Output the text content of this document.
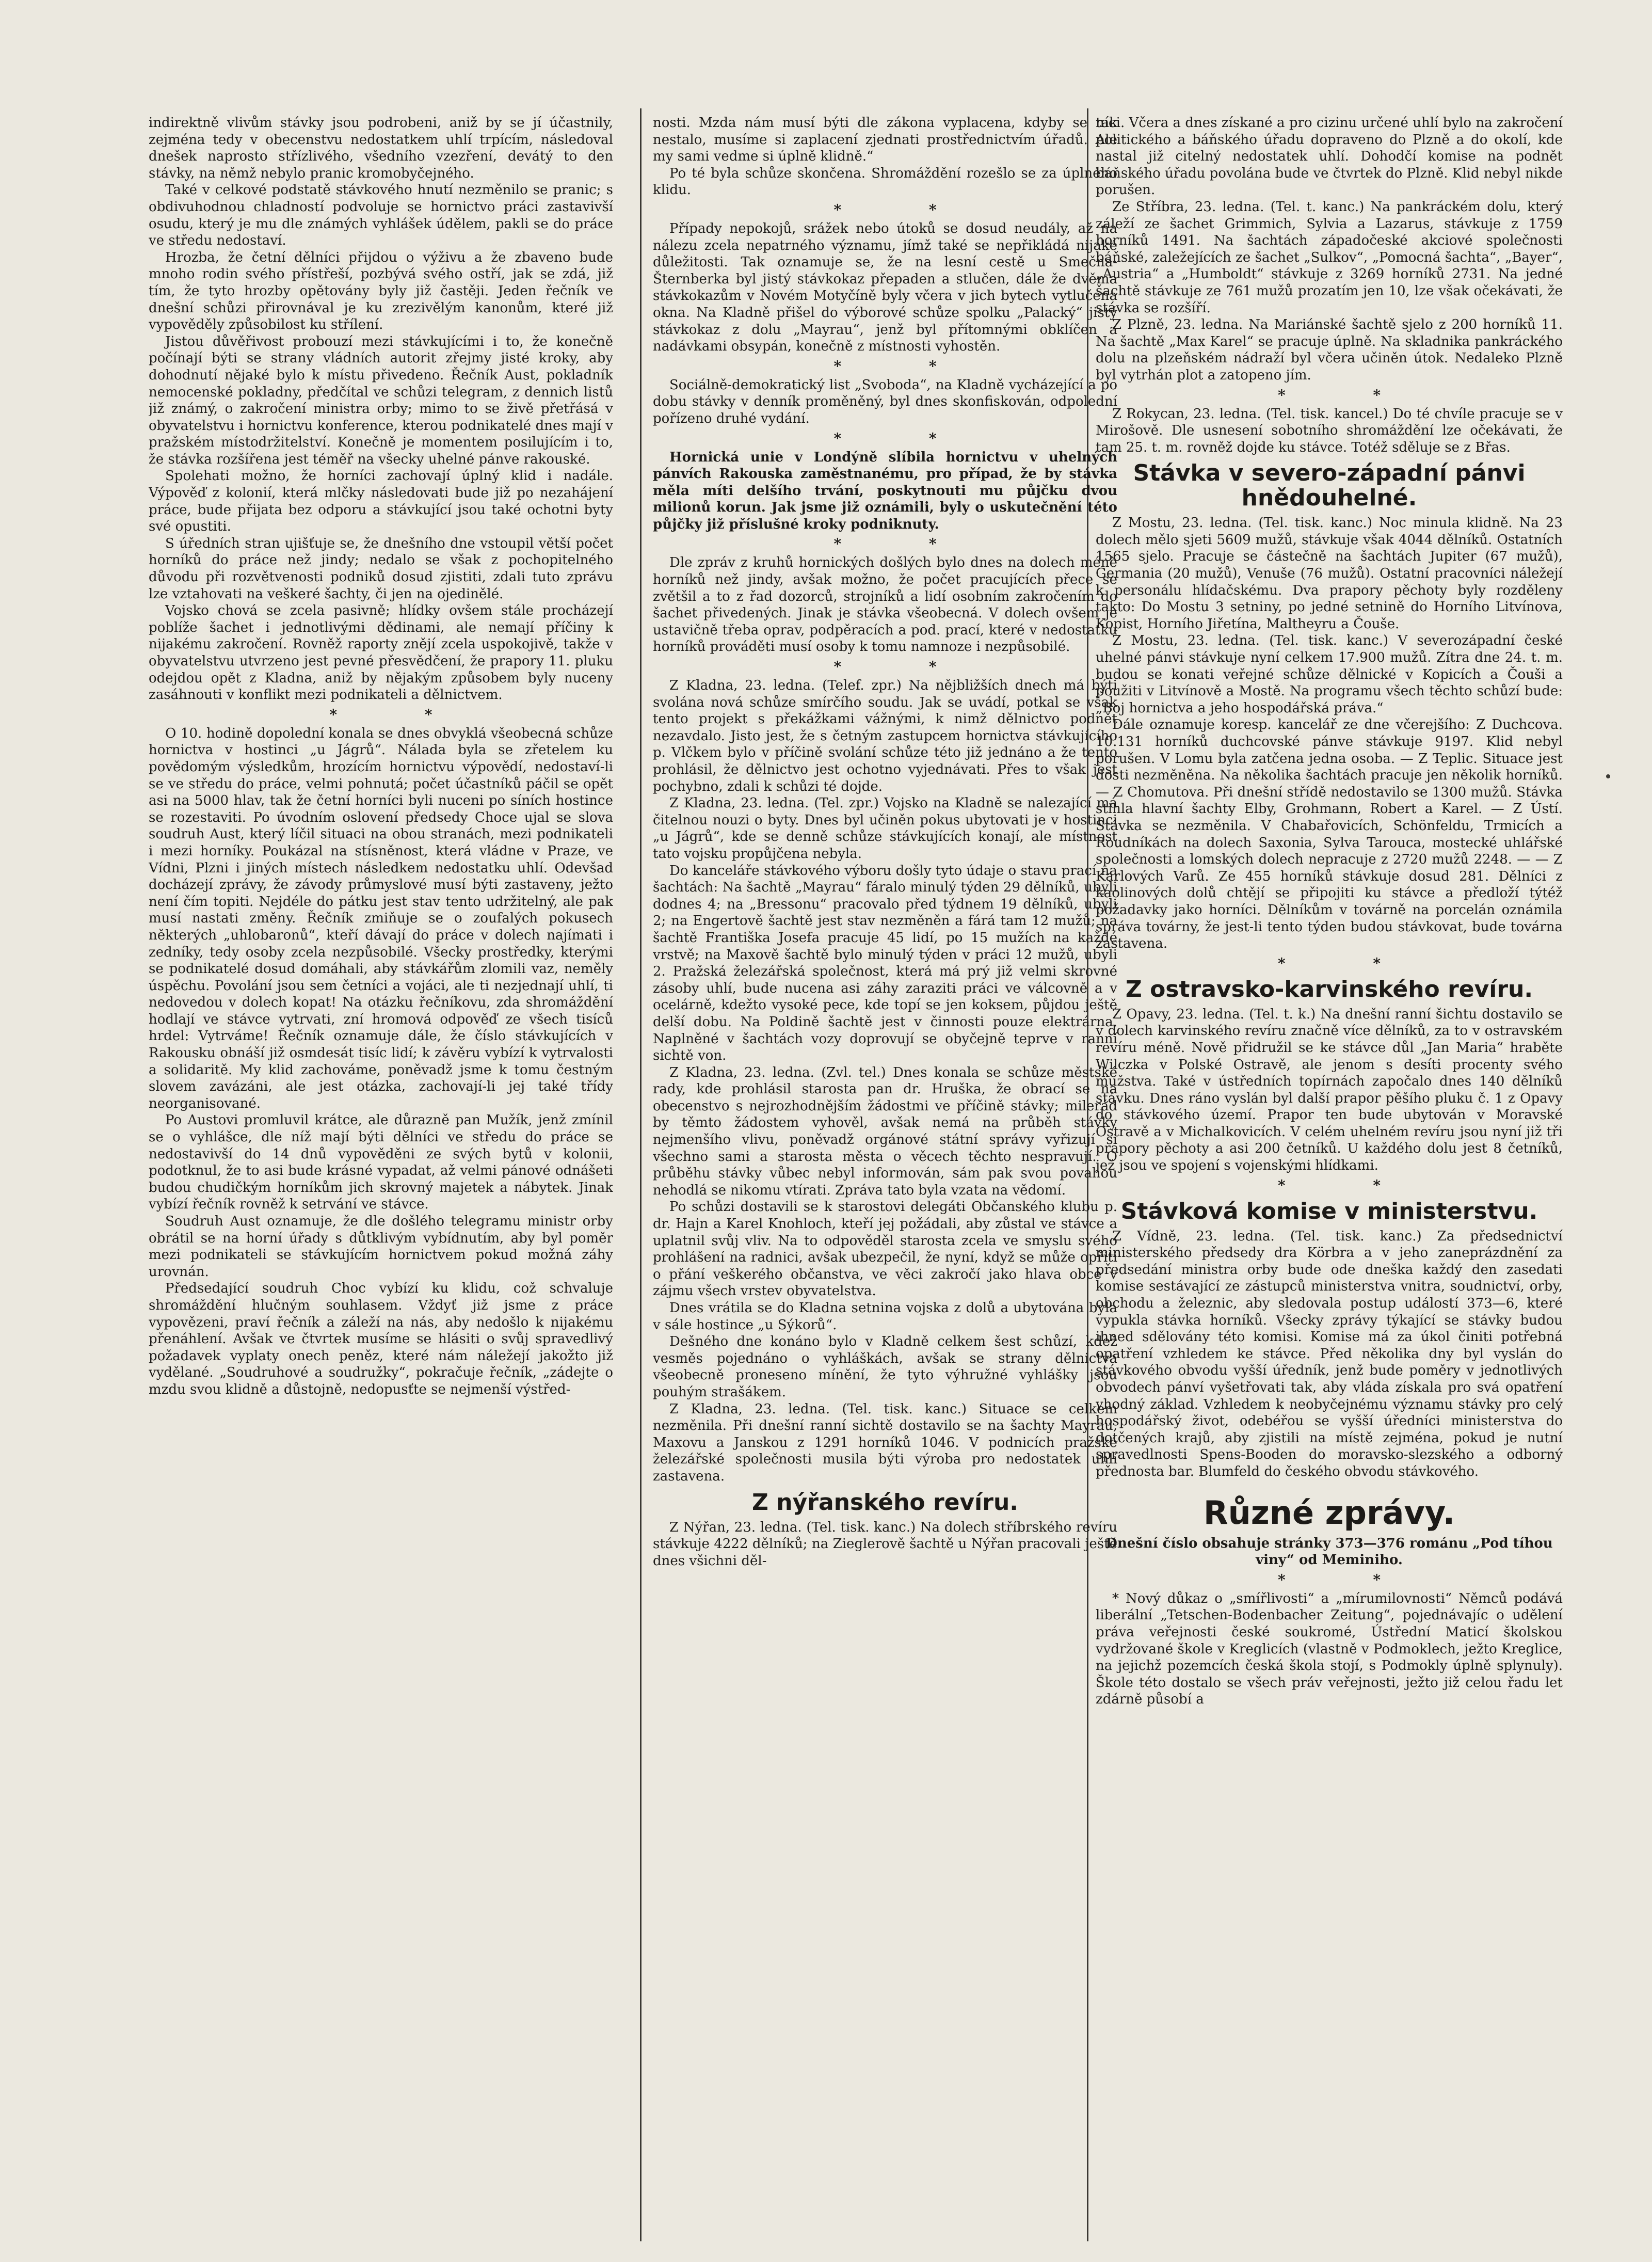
indirektně vlivům stávky jsou podrobeni, aniž by se jí účastnily, zejména tedy v obecenstvu nedostatkem uhlí trpícím, následoval dnešek naprosto střízlivého, všedního vzezření, devátý to den stávky, na němž nebylo pranic kromobyčejného.

Také v celkové podstatě stávkového hnutí nezměnilo se pranic; s obdivuhodnou chladností podvoluje se hornictvo práci zastavivší osudu, který je mu dle známých vyhlášek údělem, pakli se do práce ve středu nedostaví.

Hrozba, že četní dělníci přijdou o výživu a že zbaveno bude mnoho rodin svého přístřeší, pozbývá svého ostří, jak se zdá, již tím, že tyto hrozby opětovány byly již častěji. Jeden řečník ve dnešní schůzi přirovnával je ku zrezivělým kanonům, které již vypověděly způsobilost ku střílení.

Jistou důvěřivost probouzí mezi stávkujícími i to, že konečně počínají býti se strany vládních autorit zřejmy jisté kroky, aby dohodnutí nějaké bylo k místu přivedeno. Řečník Aust, pokladník nemocenské pokladny, předčítal ve schůzi telegram, z dennich listů již známý, o zakročení ministra orby; mimo to se živě přetřásá v obyvatelstvu i hornictvu konference, kterou podnikatelé dnes mají v pražském místodržitelství. Konečně je momentem posilujícím i to, že stávka rozšířena jest téměř na všecky uhelné pánve rakouské.

Spolehati možno, že horníci zachovají úplný klid i nadále. Výpověď z kolonií, která mlčky následovati bude již po nezahájení práce, bude přijata bez odporu a stávkující jsou také ochotni byty své opustiti.

S úředních stran ujišťuje se, že dnešního dne vstoupil větší počet horníků do práce než jindy; nedalo se však z pochopitelného důvodu při rozvětvenosti podniků dosud zjistiti, zdali tuto zprávu lze vztahovati na veškeré šachty, či jen na ojedinělé.

Vojsko chová se zcela pasivně; hlídky ovšem stále procházejí poblíže šachet i jednotlivými dědinami, ale nemají příčiny k nijakému zakročení. Rovněž raporty znějí zcela uspokojivě, takže v obyvatelstvu utvrzeno jest pevné přesvědčení, že prapory 11. pluku odejdou opět z Kladna, aniž by nějakým způsobem byly nuceny zasáhnouti v konflikt mezi podnikateli a dělnictvem.

* *

O 10. hodině dopolední konala se dnes obvyklá všeobecná schůze hornictva v hostinci „u Jágrů“. Nálada byla se zřetelem ku povědomým výsledkům, hrozícím hornictvu výpovědí, nedostaví-li se ve středu do práce, velmi pohnutá; počet účastníků páčil se opět asi na 5000 hlav, tak že četní horníci byli nuceni po síních hostince se rozestaviti. Po úvodním oslovení předsedy Choce ujal se slova soudruh Aust, který líčil situaci na obou stranách, mezi podnikateli i mezi horníky. Poukázal na stísněnost, která vládne v Praze, ve Vídni, Plzni i jiných místech následkem nedostatku uhlí. Odevšad docházejí zprávy, že závody průmyslové musí býti zastaveny, ježto není čím topiti. Nejdéle do pátku jest stav tento udržitelný, ale pak musí nastati změny. Řečník zmiňuje se o zoufalých pokusech některých „uhlobaronů“, kteří dávají do práce v dolech najímati i zedníky, tedy osoby zcela nezpůsobilé. Všecky prostředky, kterými se podnikatelé dosud domáhali, aby stávkářům zlomili vaz, neměly úspěchu. Povolání jsou sem četníci a vojáci, ale ti nezjednají uhlí, ti nedovedou v dolech kopat! Na otázku řečníkovu, zda shromáždění hodlají ve stávce vytrvati, zní hromová odpověď ze všech tisíců hrdel: Vytrváme! Řečník oznamuje dále, že číslo stávkujících v Rakousku obnáší již osmdesát tisíc lidí; k závěru vybízí k vytrvalosti a solidaritě. My klid zachováme, poněvadž jsme k tomu čestným slovem zavázáni, ale jest otázka, zachovají-li jej také třídy neorganisované.

Po Austovi promluvil krátce, ale důrazně pan Mužík, jenž zmínil se o vyhlášce, dle níž mají býti dělníci ve středu do práce se nedostavivší do 14 dnů vypověděni ze svých bytů v kolonii, podotknul, že to asi bude krásné vypadat, až velmi pánové odnášeti budou chudičkým horníkům jich skrovný majetek a nábytek. Jinak vybízí řečník rovněž k setrvání ve stávce.

Soudruh Aust oznamuje, že dle došlého telegramu ministr orby obrátil se na horní úřady s důtklivým vybídnutím, aby byl poměr mezi podnikateli se stávkujícím hornictvem pokud možná záhy urovnán.

Předsedající soudruh Choc vybízí ku klidu, což schvaluje shromáždění hlučným souhlasem. Vždyť již jsme z práce vypovězeni, praví řečník a záleží na nás, aby nedošlo k nijakému přenáhlení. Avšak ve čtvrtek musíme se hlásiti o svůj spravedlivý požadavek vyplaty onech peněz, které nám náležejí jakožto již vydělané. „Soudruhové a soudružky“, pokračuje řečník, „zádejte o mzdu svou klidně a důstojně, nedopusťte se nejmenší výstřed-

nosti. Mzda nám musí býti dle zákona vyplacena, kdyby se tak nestalo, musíme si zaplacení zjednati prostřednictvím úřadů. Ale my sami vedme si úplně klidně.“

Po té byla schůze skončena. Shromáždění rozešlo se za úplného klidu.

* *

Případy nepokojů, srážek nebo útoků se dosud neudály, až na nálezu zcela nepatrného významu, jímž také se nepřikládá nijaké důležitosti. Tak oznamuje se, že na lesní cestě u Smečna-Šternberka byl jistý stávkokaz přepaden a stlučen, dále že dvěma stávkokazům v Novém Motyčíně byly včera v jich bytech vytlučena okna. Na Kladně přišel do výborové schůze spolku „Palacký“ jistý stávkokaz z dolu „Mayrau“, jenž byl přítomnými obklíčen a nadávkami obsypán, konečně z místnosti vyhostěn.

* *

Sociálně-demokratický list „Svoboda“, na Kladně vycházející a po dobu stávky v denník proměněný, byl dnes skonfiskován, odpolední pořízeno druhé vydání.

* *

Hornická unie v Londýně slíbila hornictvu v uhelných pánvích Rakouska zaměstnanému, pro případ, že by stávka měla míti delšího trvání, poskytnouti mu půjčku dvou milionů korun. Jak jsme již oznámili, byly o uskutečnění této půjčky již příslušné kroky podniknuty.

* *

Dle zpráv z kruhů hornických došlých bylo dnes na dolech méně horníků než jindy, avšak možno, že počet pracujících přece se zvětšil a to z řad dozorců, strojníků a lidí osobním zakročením do šachet přivedených. Jinak je stávka všeobecná. V dolech ovšem je ustavičně třeba oprav, podpěracích a pod. prací, které v nedostatku horníků prováděti musí osoby k tomu namnoze i nezpůsobilé.

* *

Z Kladna, 23. ledna. (Telef. zpr.) Na nějbližších dnech má býti svolána nová schůze smírčího soudu. Jak se uvádí, potkal se však tento projekt s překážkami vážnými, k nimž dělnictvo podnět nezavdalo. Jisto jest, že s četným zastupcem hornictva stávkujícího p. Vlčkem bylo v příčině svolání schůze této již jednáno a že tento prohlásil, že dělnictvo jest ochotno vyjednávati. Přes to však jest pochybno, zdali k schůzi té dojde.

Z Kladna, 23. ledna. (Tel. zpr.) Vojsko na Kladně se nalezající má čitelnou nouzi o byty. Dnes byl učiněn pokus ubytovati je v hostinci „u Jágrů“, kde se denně schůze stávkujících konají, ale místnost tato vojsku propůjčena nebyla.

Do kanceláře stávkového výboru došly tyto údaje o stavu prací na šachtách: Na šachtě „Mayrau“ fáralo minulý týden 29 dělníků, ubyli dodnes 4; na „Bressonu“ pracovalo před týdnem 19 dělníků, ubyli 2; na Engertově šachtě jest stav nezměněn a fárá tam 12 mužů; na šachtě Františka Josefa pracuje 45 lidí, po 15 mužích na každé vrstvě; na Maxově šachtě bylo minulý týden v práci 12 mužů, ubyli 2. Pražská železářská společnost, která má prý již velmi skrovné zásoby uhlí, bude nucena asi záhy zaraziti práci ve válcovně a v ocelárně, kdežto vysoké pece, kde topí se jen koksem, půjdou ještě delší dobu. Na Poldině šachtě jest v činnosti pouze elektrárna. Naplněné v šachtách vozy doprovují se obyčejně teprve v ranní sichtě von.

Z Kladna, 23. ledna. (Zvl. tel.) Dnes konala se schůze městské rady, kde prohlásil starosta pan dr. Hruška, že obrací se na obecenstvo s nejrozhodnějším žádostmi ve příčině stávky; milerád by těmto žádostem vyhověl, avšak nemá na průběh stávky nejmenšího vlivu, poněvadž orgánové státní správy vyřizují si všechno sami a starosta města o věcech těchto nespravují. O průběhu stávky vůbec nebyl informován, sám pak svou povahou nehodlá se nikomu vtírati. Zpráva tato byla vzata na vědomí.

Po schůzi dostavili se k starostovi delegáti Občanského klubu p. dr. Hajn a Karel Knohloch, kteří jej požádali, aby zůstal ve stávce a uplatnil svůj vliv. Na to odpověděl starosta zcela ve smyslu svého prohlášení na radnici, avšak ubezpečil, že nyní, když se může opříti o přání veškerého občanstva, ve věci zakročí jako hlava obce v zájmu všech vrstev obyvatelstva.

Dnes vrátila se do Kladna setnina vojska z dolů a ubytována byla v sále hostince „u Sýkorů“.

Dešného dne konáno bylo v Kladně celkem šest schůzí, kdež vesměs pojednáno o vyhláškách, avšak se strany dělnictva všeobecně proneseno mínění, že tyto výhružné vyhlášky jsou pouhým strašákem.

Z Kladna, 23. ledna. (Tel. tisk. kanc.) Situace se celkem nezměnila. Při dnešní ranní sichtě dostavilo se na šachty Mayrau, Maxovu a Janskou z 1291 horníků 1046. V podnicích pražské železářské společnosti musila býti výroba pro nedostatek uhlí zastavena.

Z nýřanského revíru.

Z Nýřan, 23. ledna. (Tel. tisk. kanc.) Na dolech stříbrského revíru stávkuje 4222 dělníků; na Zieglerově šachtě u Nýřan pracovali ještě dnes všichni děl-

níci. Včera a dnes získané a pro cizinu určené uhlí bylo na zakročení politického a báňského úřadu dopraveno do Plzně a do okolí, kde nastal již citelný nedostatek uhlí. Dohodčí komise na podnět báňského úřadu povolána bude ve čtvrtek do Plzně. Klid nebyl nikde porušen.

Ze Stříbra, 23. ledna. (Tel. t. kanc.) Na pankráckém dolu, který záleží ze šachet Grimmich, Sylvia a Lazarus, stávkuje z 1759 horníků 1491. Na šachtách západočeské akciové společnosti báňské, zaležejících ze šachet „Sulkov“, „Pomocná šachta“, „Bayer“, „Austria“ a „Humboldt“ stávkuje z 3269 horníků 2731. Na jedné šachtě stávkuje ze 761 mužů prozatím jen 10, lze však očekávati, že stávka se rozšíří.

Z Plzně, 23. ledna. Na Mariánské šachtě sjelo z 200 horníků 11. Na šachtě „Max Karel“ se pracuje úplně. Na skladnika pankráckého dolu na plzeňském nádraží byl včera učiněn útok. Nedaleko Plzně byl vytrhán plot a zatopeno jím.

* *

Z Rokycan, 23. ledna. (Tel. tisk. kancel.) Do té chvíle pracuje se v Mirošově. Dle usnesení sobotního shromáždění lze očekávati, že tam 25. t. m. rovněž dojde ku stávce. Totéž sděluje se z Břas.

Stávka v severo-západní pánvi hnědouhelné.

Z Mostu, 23. ledna. (Tel. tisk. kanc.) Noc minula klidně. Na 23 dolech mělo sjeti 5609 mužů, stávkuje však 4044 dělníků. Ostatních 1565 sjelo. Pracuje se částečně na šachtách Jupiter (67 mužů), Germania (20 mužů), Venuše (76 mužů). Ostatní pracovníci náležejí k personálu hlídačskému. Dva prapory pěchoty byly rozděleny takto: Do Mostu 3 setniny, po jedné setnině do Horního Litvínova, Kopist, Horního Jiřetína, Maltheyru a Čouše.

Z Mostu, 23. ledna. (Tel. tisk. kanc.) V severozápadní české uhelné pánvi stávkuje nyní celkem 17.900 mužů. Zítra dne 24. t. m. budou se konati veřejné schůze dělnické v Kopicích a Čouši a použiti v Litvínově a Mostě. Na programu všech těchto schůzí bude: „Boj hornictva a jeho hospodářská práva.“

Dále oznamuje koresp. kancelář ze dne včerejšího: Z Duchcova. 10.131 horníků duchcovské pánve stávkuje 9197. Klid nebyl porušen. V Lomu byla zatčena jedna osoba. — Z Teplic. Situace jest dosti nezměněna. Na několika šachtách pracuje jen několik horníků. — Z Chomutova. Při dnešní střídě nedostavilo se 1300 mužů. Stávka stihla hlavní šachty Elby, Grohmann, Robert a Karel. — Z Ústí. Stávka se nezměnila. V Chabařovicích, Schönfeldu, Trmicích a Roudníkách na dolech Saxonia, Sylva Tarouca, mostecké uhlářské společnosti a lomských dolech nepracuje z 2720 mužů 2248. — — Z Karlových Varů. Ze 455 horníků stávkuje dosud 281. Dělníci z kaolinových dolů chtějí se připojiti ku stávce a předloží týtéž požadavky jako horníci. Dělníkům v továrně na porcelán oznámila správa továrny, že jest-li tento týden budou stávkovat, bude továrna zastavena.

* *
Z ostravsko-karvinského revíru.

Z Opavy, 23. ledna. (Tel. t. k.) Na dnešní ranní šichtu dostavilo se v dolech karvinského revíru značně více dělníků, za to v ostravském revíru méně. Nově přidružil se ke stávce důl „Jan Maria“ hraběte Wilczka v Polské Ostravě, ale jenom s desíti procenty svého mužstva. Také v ústředních topírnách započalo dnes 140 dělníků stávku. Dnes ráno vyslán byl další prapor pěšího pluku č. 1 z Opavy do stávkového území. Prapor ten bude ubytován v Moravské Ostravě a v Michalkovicích. V celém uhelném revíru jsou nyní již tři prapory pěchoty a asi 200 četníků. U každého dolu jest 8 četníků, jež jsou ve spojení s vojenskými hlídkami.

* *
Stávková komise v ministerstvu.

Z Vídně, 23. ledna. (Tel. tisk. kanc.) Za předsednictví ministerského předsedy dra Körbra a v jeho zaneprázdnění za předsedání ministra orby bude ode dneška každý den zasedati komise sestávající ze zástupců ministerstva vnitra, soudnictví, orby, obchodu a železnic, aby sledovala postup událostí 373—6, které vypukla stávka horníků. Všecky zprávy týkající se stávky budou ihned sdělovány této komisi. Komise má za úkol činiti potřebná opatření vzhledem ke stávce. Před několika dny byl vyslán do stávkového obvodu vyšší úředník, jenž bude poměry v jednotlivých obvodech pánví vyšetřovati tak, aby vláda získala pro svá opatření vhodný základ. Vzhledem k neobyčejnému významu stávky pro celý hospodářský život, odebéřou se vyšší úředníci ministerstva do dotčených krajů, aby zjistili na místě zejména, pokud je nutní spravedlnosti Spens-Booden do moravsko-slezského a odborný přednosta bar. Blumfeld do českého obvodu stávkového.

Různé zprávy.

Dnešní číslo obsahuje stránky 373—376 románu „Pod tíhou viny“ od Meminiho.

* *

* Nový důkaz o „smířlivosti“ a „mírumilovnosti“ Němců podává liberální „Tetschen-Bodenbacher Zeitung“, pojednávajíc o udělení práva veřejnosti české soukromé, Ústřední Maticí školskou vydržované škole v Kreglicích (vlastně v Podmoklech, ježto Kreglice, na jejichž pozemcích česká škola stojí, s Podmokly úplně splynuly). Škole této dostalo se všech práv veřejnosti, ježto již celou řadu let zdárně působí a
